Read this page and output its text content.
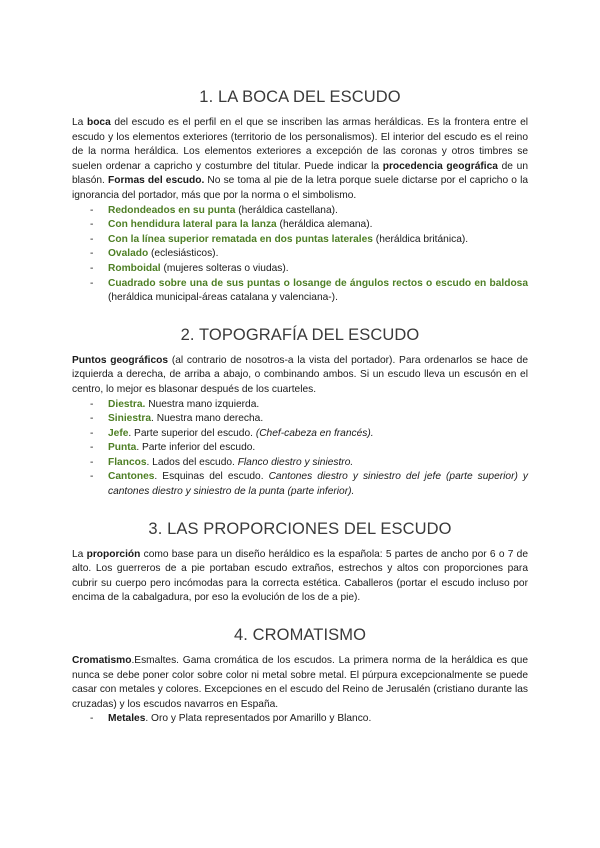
1. LA BOCA DEL ESCUDO

La boca del escudo es el perfil en el que se inscriben las armas heráldicas. Es la frontera entre el escudo y los elementos exteriores (territorio de los personalismos). El interior del escudo es el reino de la norma heráldica. Los elementos exteriores a excepción de las coronas y otros timbres se suelen ordenar a capricho y costumbre del titular. Puede indicar la procedencia geográfica de un blasón. Formas del escudo. No se toma al pie de la letra porque suele dictarse por el capricho o la ignorancia del portador, más que por la norma o el simbolismo.

- Redondeados en su punta (heráldica castellana).
- Con hendidura lateral para la lanza (heráldica alemana).
- Con la línea superior rematada en dos puntas laterales (heráldica británica).
- Ovalado (eclesiásticos).
- Romboidal (mujeres solteras o viudas).
- Cuadrado sobre una de sus puntas o losange de ángulos rectos o escudo en baldosa (heráldica municipal-áreas catalana y valenciana-).
2. TOPOGRAFÍA DEL ESCUDO

Puntos geográficos (al contrario de nosotros-a la vista del portador). Para ordenarlos se hace de izquierda a derecha, de arriba a abajo, o combinando ambos. Si un escudo lleva un escusón en el centro, lo mejor es blasonar después de los cuarteles.

- Diestra. Nuestra mano izquierda.
- Siniestra. Nuestra mano derecha.
- Jefe. Parte superior del escudo. (Chef-cabeza en francés).
- Punta. Parte inferior del escudo.
- Flancos. Lados del escudo. Flanco diestro y siniestro.
- Cantones. Esquinas del escudo. Cantones diestro y siniestro del jefe (parte superior) y cantones diestro y siniestro de la punta (parte inferior).
3. LAS PROPORCIONES DEL ESCUDO

La proporción como base para un diseño heráldico es la española: 5 partes de ancho por 6 o 7 de alto. Los guerreros de a pie portaban escudo extraños, estrechos y altos con proporciones para cubrir su cuerpo pero incómodas para la correcta estética. Caballeros (portar el escudo incluso por encima de la cabalgadura, por eso la evolución de los de a pie).

4. CROMATISMO

Cromatismo.Esmaltes. Gama cromática de los escudos. La primera norma de la heráldica es que nunca se debe poner color sobre color ni metal sobre metal. El púrpura excepcionalmente se puede casar con metales y colores. Excepciones en el escudo del Reino de Jerusalén (cristiano durante las cruzadas) y los escudos navarros en España.

- Metales. Oro y Plata representados por Amarillo y Blanco.
